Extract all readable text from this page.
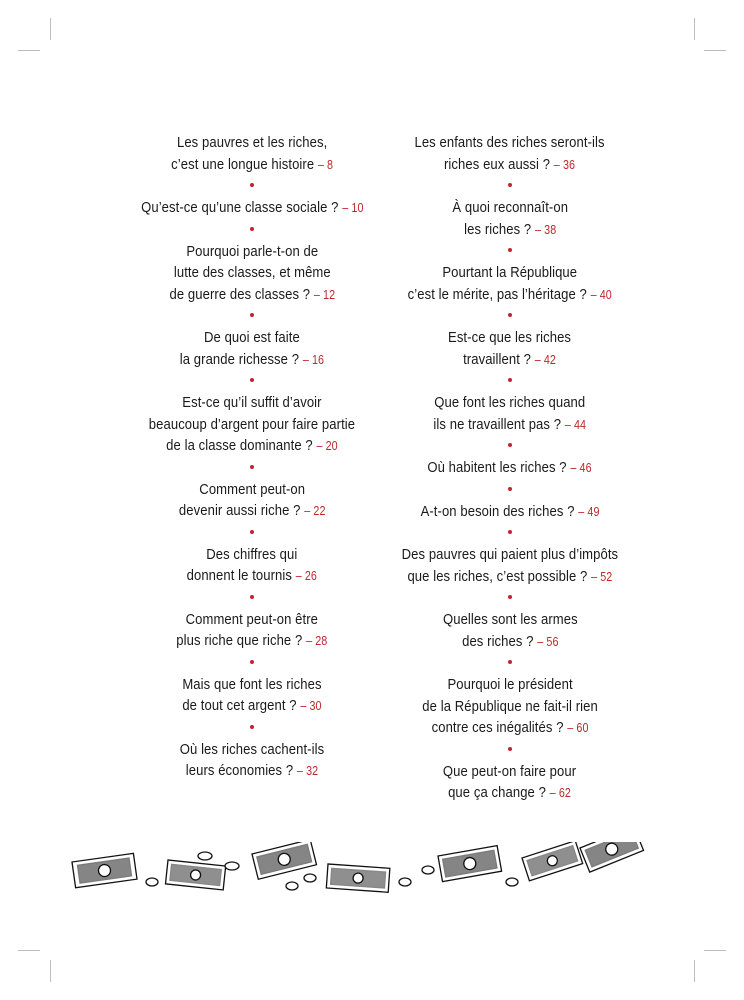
Les pauvres et les riches,
c’est une longue histoire – 8
Qu’est-ce qu’une classe sociale ? – 10
Pourquoi parle-t-on de
lutte des classes, et même
de guerre des classes ? – 12
De quoi est faite
la grande richesse ? – 16
Est-ce qu’il suffit d’avoir
beaucoup d’argent pour faire partie
de la classe dominante ? – 20
Comment peut-on
devenir aussi riche ? – 22
Des chiffres qui
donnent le tournis – 26
Comment peut-on être
plus riche que riche ? – 28
Mais que font les riches
de tout cet argent ? – 30
Où les riches cachent-ils
leurs économies ? – 32
Les enfants des riches seront-ils
riches eux aussi ? – 36
À quoi reconnaît-on
les riches ? – 38
Pourtant la République
c’est le mérite, pas l’héritage ? – 40
Est-ce que les riches
travaillent ? – 42
Que font les riches quand
ils ne travaillent pas ? – 44
Où habitent les riches ? – 46
A-t-on besoin des riches ? – 49
Des pauvres qui paient plus d’impôts
que les riches, c’est possible ? – 52
Quelles sont les armes
des riches ? – 56
Pourquoi le président
de la République ne fait-il rien
contre ces inégalités ? – 60
Que peut-on faire pour
que ça change ? – 62
